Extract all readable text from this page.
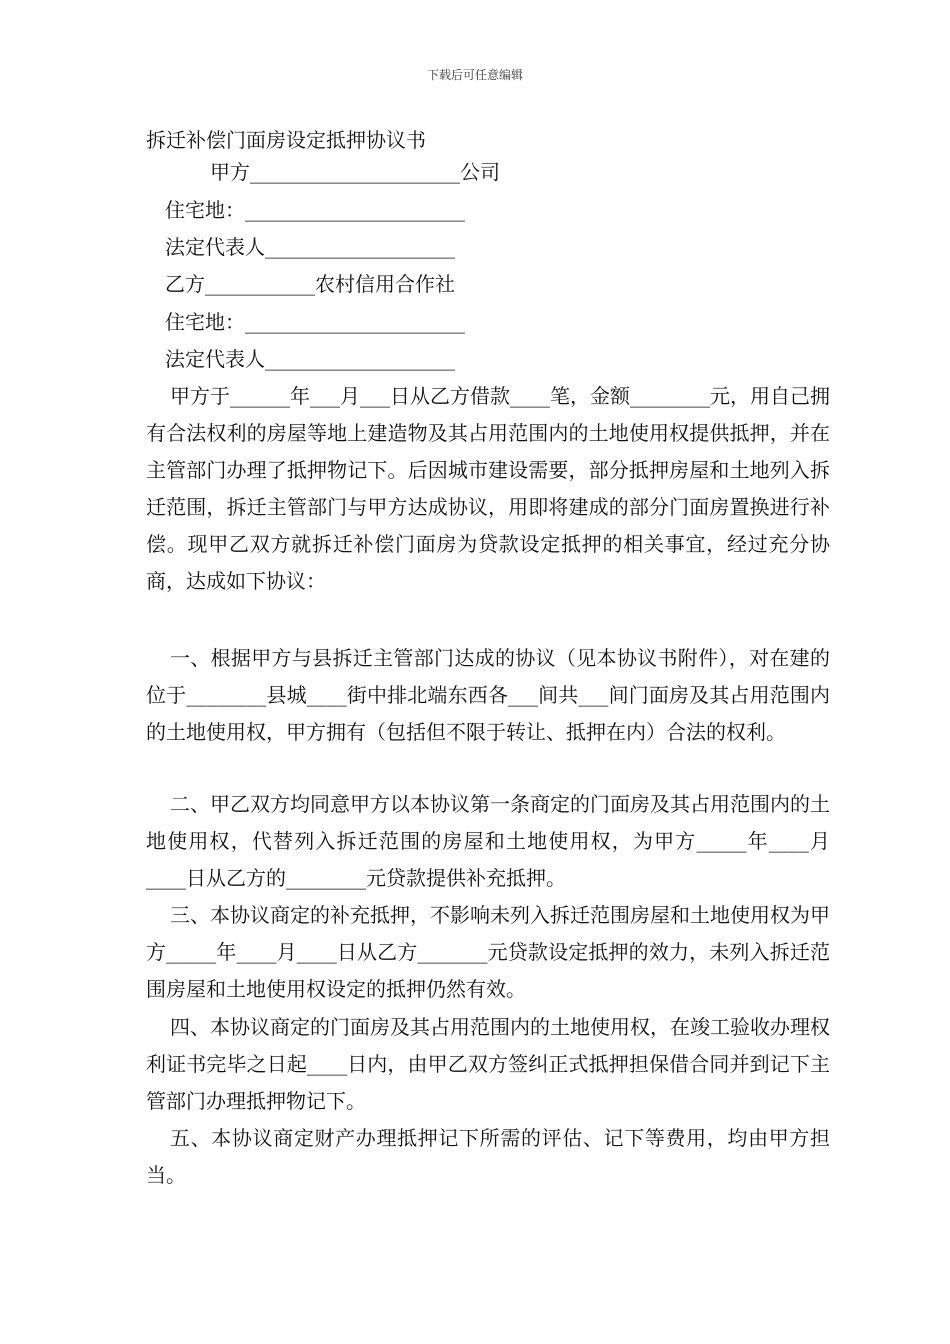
下载后可任意编辑
拆迁补偿门面房设定抵押协议书
甲方_____________________公司
住宅地：______________________
法定代表人___________________
乙方___________农村信用合作社
住宅地：______________________
法定代表人___________________

甲方于______年___月___日从乙方借款____笔，金额________元，用自己拥有合法权利的房屋等地上建造物及其占用范围内的土地使用权提供抵押，并在主管部门办理了抵押物记下。后因城市建设需要，部分抵押房屋和土地列入拆迁范围，拆迁主管部门与甲方达成协议，用即将建成的部分门面房置换进行补偿。现甲乙双方就拆迁补偿门面房为贷款设定抵押的相关事宜，经过充分协商，达成如下协议：

一、根据甲方与县拆迁主管部门达成的协议（见本协议书附件），对在建的位于________县城____街中排北端东西各___间共___间门面房及其占用范围内的土地使用权，甲方拥有（包括但不限于转让、抵押在内）合法的权利。

二、甲乙双方均同意甲方以本协议第一条商定的门面房及其占用范围内的土地使用权，代替列入拆迁范围的房屋和土地使用权，为甲方_____年____月____日从乙方的________元贷款提供补充抵押。

三、本协议商定的补充抵押，不影响未列入拆迁范围房屋和土地使用权为甲方_____年____月____日从乙方_______元贷款设定抵押的效力，未列入拆迁范围房屋和土地使用权设定的抵押仍然有效。

四、本协议商定的门面房及其占用范围内的土地使用权，在竣工验收办理权利证书完毕之日起____日内，由甲乙双方签纠正式抵押担保借合同并到记下主管部门办理抵押物记下。

五、本协议商定财产办理抵押记下所需的评估、记下等费用，均由甲方担当。
